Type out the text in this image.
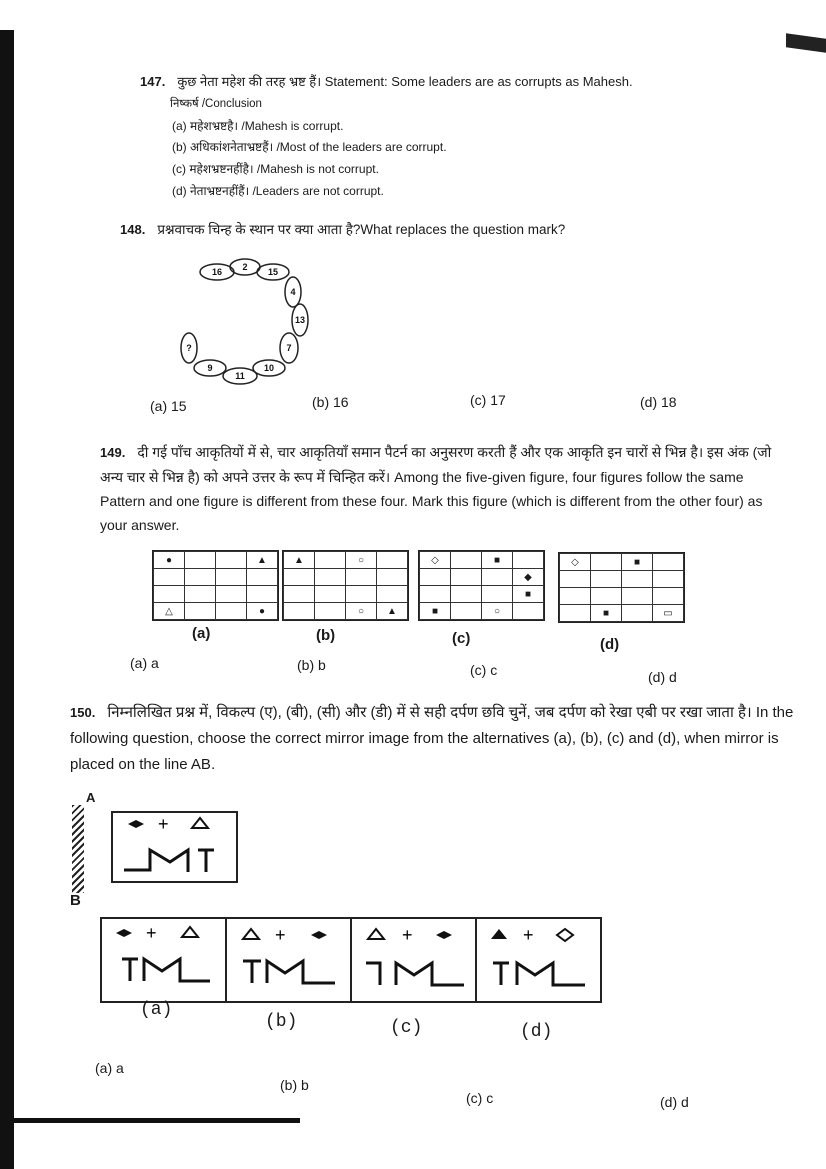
147. कुछ नेता महेश की तरह भ्रष्ट हैं। Statement: Some leaders are as corrupts as Mahesh.
निष्कर्ष /Conclusion
(a) महेशभ्रष्टहै। /Mahesh is corrupt.
(b) अधिकांशनेताभ्रष्टहैं। /Most of the leaders are corrupt.
(c) महेशभ्रष्टनहींहै। /Mahesh is not corrupt.
(d) नेताभ्रष्टनहींहैं। /Leaders are not corrupt.
148. प्रश्नवाचक चिन्ह के स्थान पर क्या आता है?What replaces the question mark?
16 2 15
4
13
7
10
11
9
?
(a) 15	(b) 16	(c) 17	(d) 18
149. दी गई पाँच आकृतियों में से, चार आकृतियाँ समान पैटर्न का अनुसरण करती हैं और एक आकृति इन चारों से भिन्न है। इस अंक (जो अन्य चार से भिन्न है) को अपने उत्तर के रूप में चिन्हित करें। Among the five-given figure, four figures follow the same Pattern and one figure is different from these four. Mark this figure (which is different from the other four) as your answer.
●			▲

△			●
▲		○	

		○	▲
◇		■	
			◆
			■
■		○	
◇		■	

	■		▭
(a)	(b)	(c)	(d)
(a) a	(b) b	(c) c	(d) d
150. निम्नलिखित प्रश्न में, विकल्प (ए), (बी), (सी) और (डी) में से सही दर्पण छवि चुनें, जब दर्पण को रेखा एबी पर रखा जाता है। In the following question, choose the correct mirror image from the alternatives (a), (b), (c) and (d), when mirror is placed on the line AB.
A
B
+
+	+	+	+
(a)
(b)	(c)	(d)
(a) a
(b) b
(c) c	(d) d
